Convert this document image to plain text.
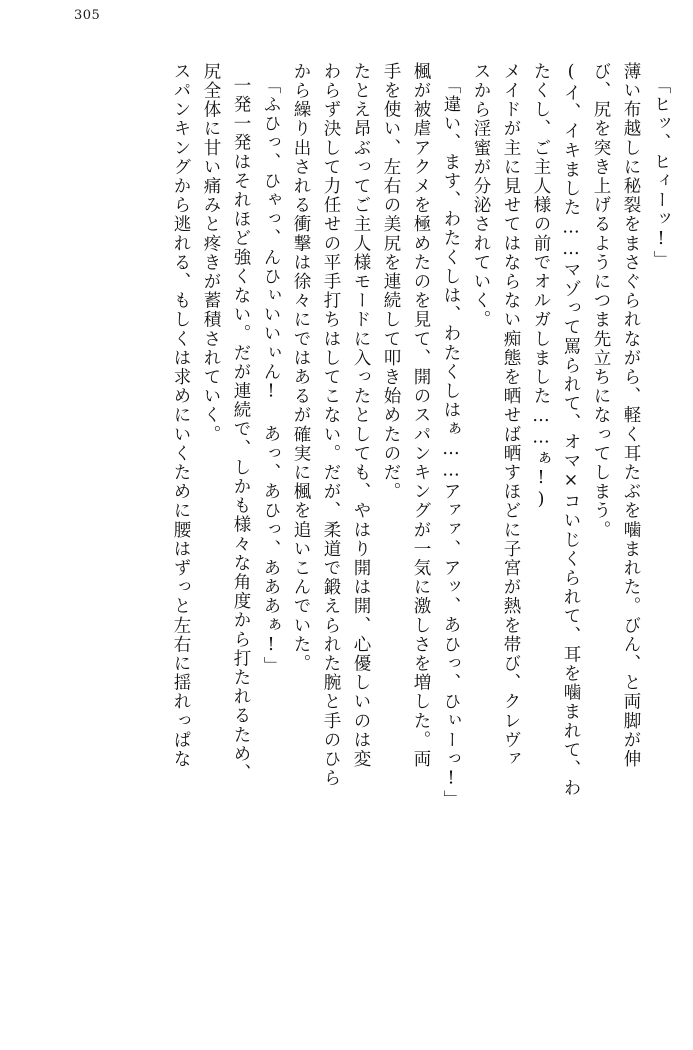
305
「ヒッ、ヒィーッ!」
薄い布越しに秘裂をまさぐられながら、軽く耳たぶを噛まれた。びん、と両脚が伸
び、尻を突き上げるようにつま先立ちになってしまう。
(イ、イキました……マゾって罵られて、オマ×コいじくられて、耳を噛まれて、わ
たくし、ご主人様の前でオルガしました……ぁ!)
メイドが主に見せてはならない痴態を晒せば晒すほどに子宮が熱を帯び、クレヴァ
スから淫蜜が分泌されていく。
「違い、ます、わたくしは、わたくしはぁ……アァァ、アッ、あひっ、ひぃーっ!」
楓が被虐アクメを極めたのを見て、開のスパンキングが一気に激しさを増した。両
手を使い、左右の美尻を連続して叩き始めたのだ。
たとえ昂ぶってご主人様モードに入ったとしても、やはり開は開、心優しいのは変
わらず決して力任せの平手打ちはしてこない。だが、柔道で鍛えられた腕と手のひら
から繰り出される衝撃は徐々にではあるが確実に楓を追いこんでいた。
「ふひっ、ひゃっ、んひぃいいぃん! あっ、あひっ、あああぁ!」
一発一発はそれほど強くない。だが連続で、しかも様々な角度から打たれるため、
尻全体に甘い痛みと疼きが蓄積されていく。
スパンキングから逃れる、もしくは求めにいくために腰はずっと左右に揺れっぱな
